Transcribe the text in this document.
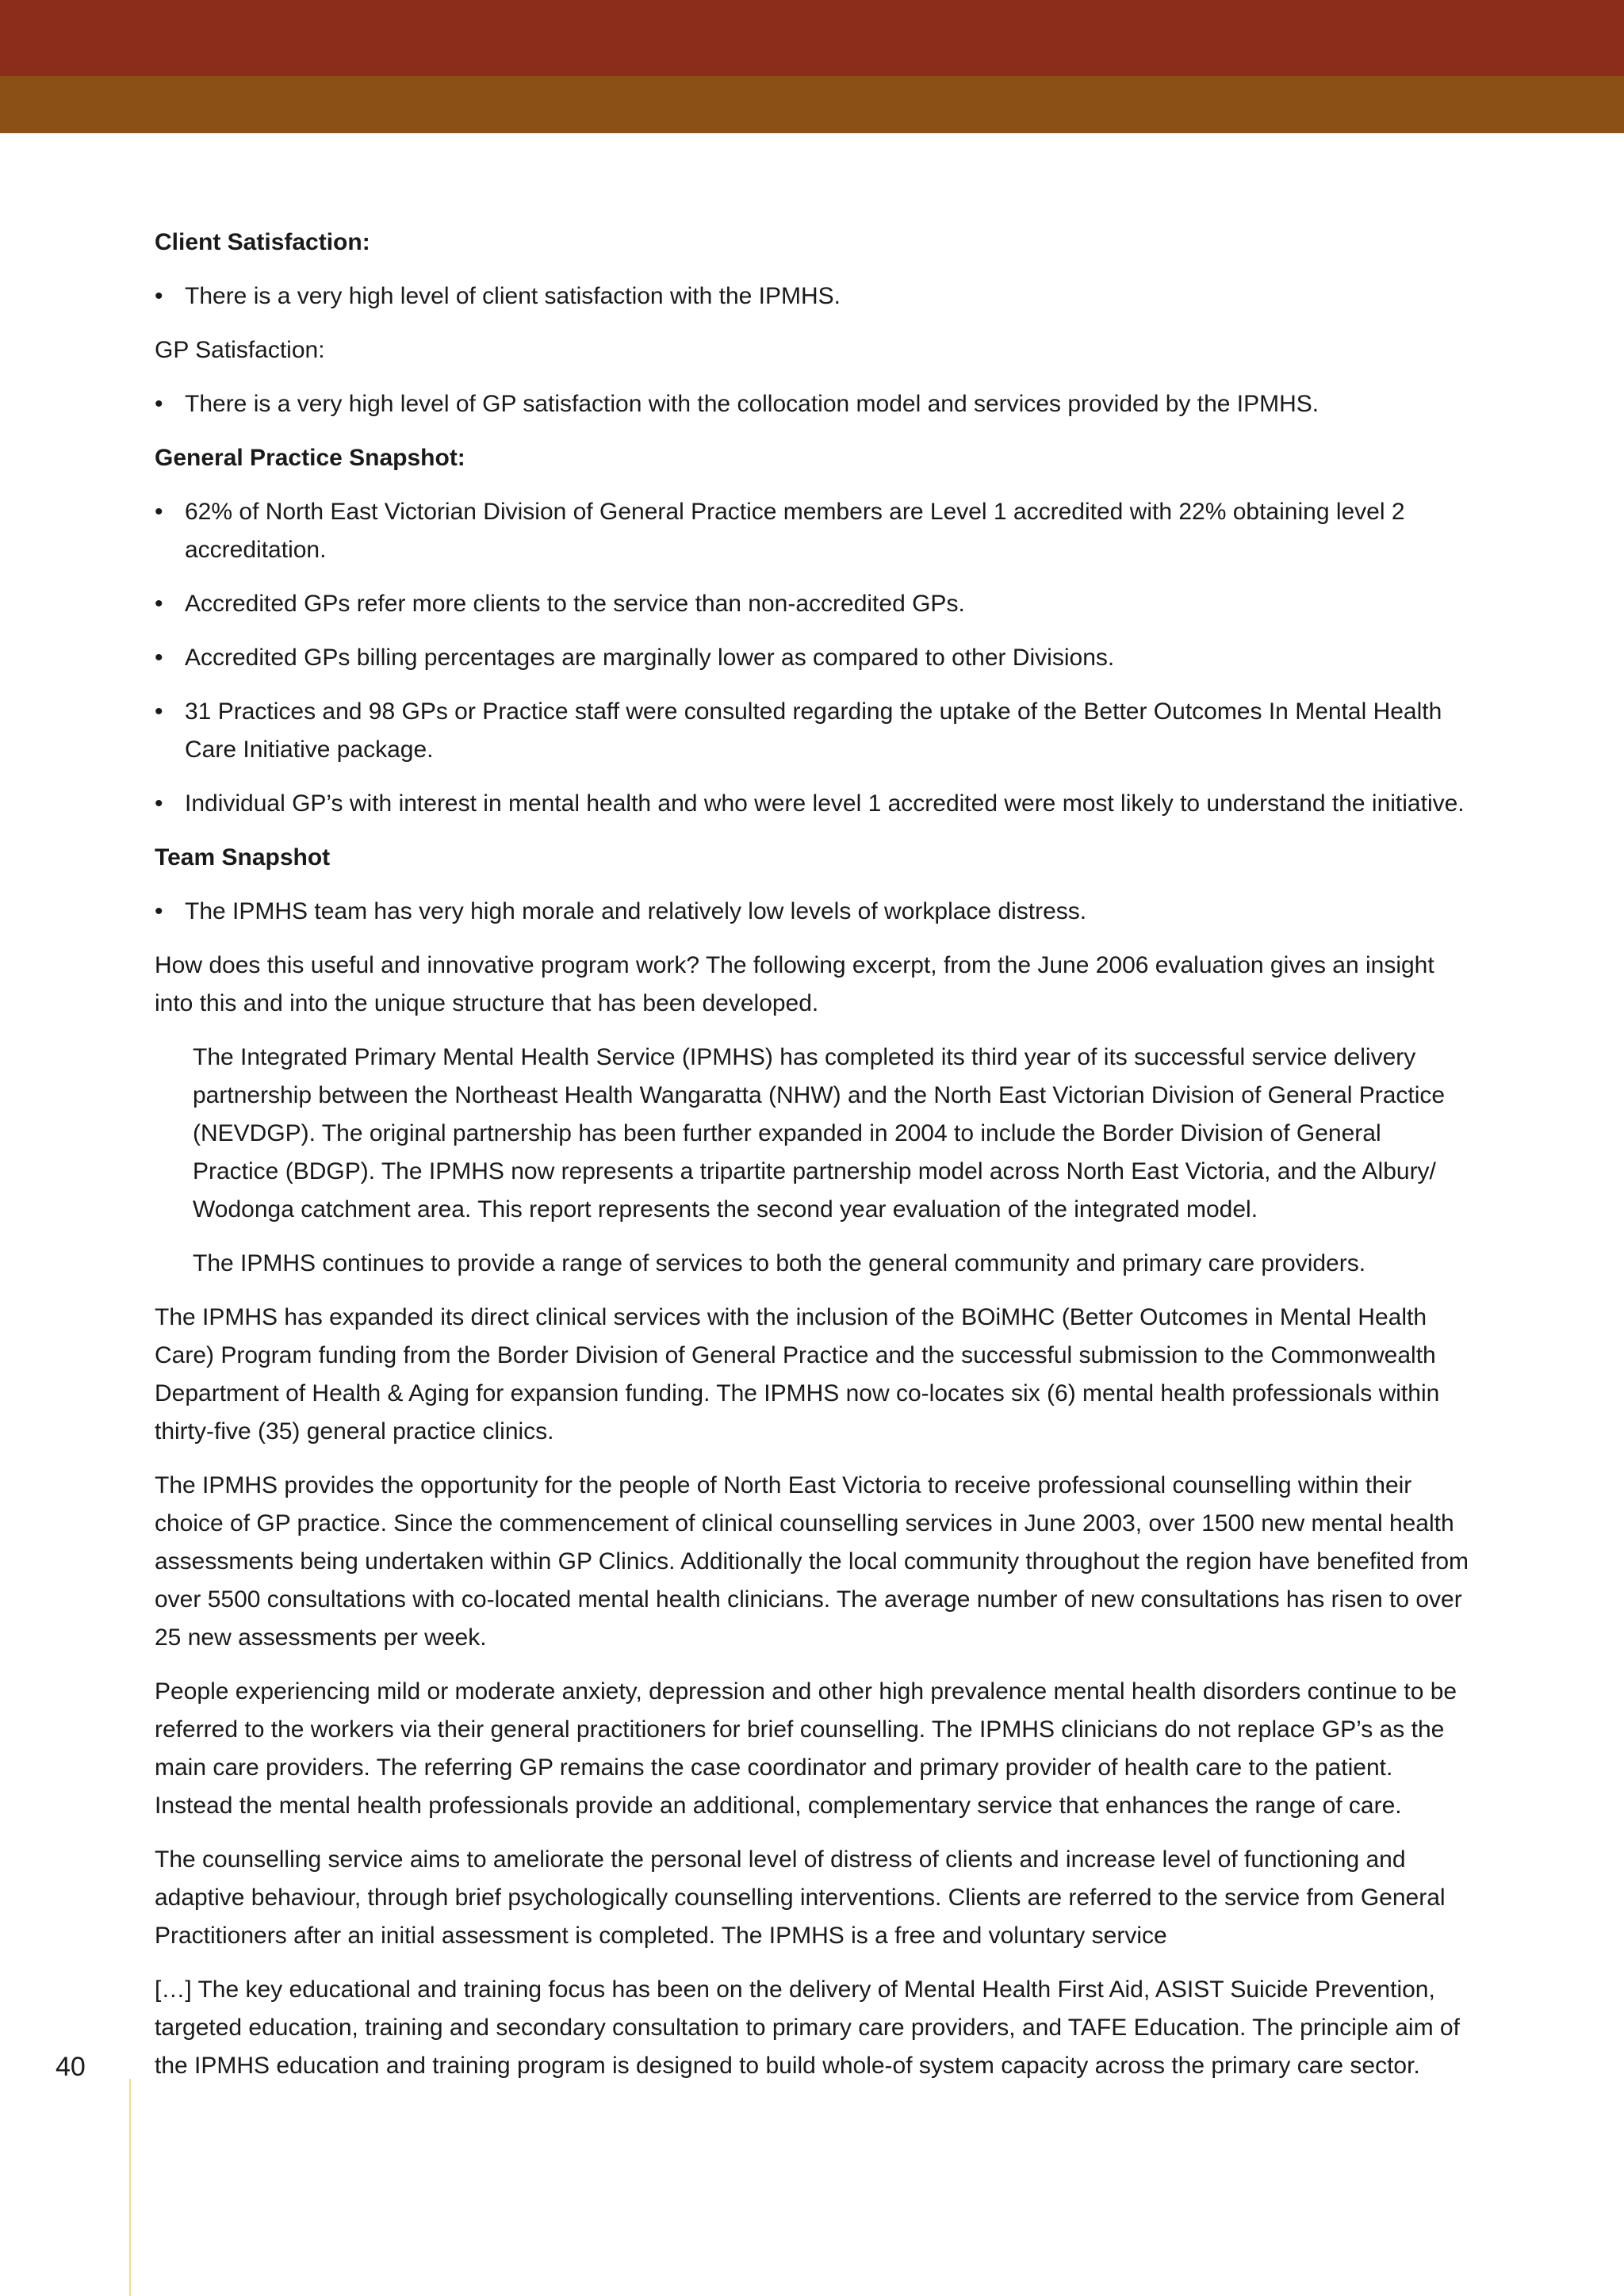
Client Satisfaction:

• There is a very high level of client satisfaction with the IPMHS.

GP Satisfaction:

• There is a very high level of GP satisfaction with the collocation model and services provided by the IPMHS.

General Practice Snapshot:

• 62% of North East Victorian Division of General Practice members are Level 1 accredited with 22% obtaining level 2 accreditation.
• Accredited GPs refer more clients to the service than non-accredited GPs.
• Accredited GPs billing percentages are marginally lower as compared to other Divisions.
• 31 Practices and 98 GPs or Practice staff were consulted regarding the uptake of the Better Outcomes In Mental Health Care Initiative package.
• Individual GP’s with interest in mental health and who were level 1 accredited were most likely to understand the initiative.

Team Snapshot

• The IPMHS team has very high morale and relatively low levels of workplace distress.

How does this useful and innovative program work? The following excerpt, from the June 2006 evaluation gives an insight into this and into the unique structure that has been developed.

The Integrated Primary Mental Health Service (IPMHS) has completed its third year of its successful service delivery partnership between the Northeast Health Wangaratta (NHW) and the North East Victorian Division of General Practice (NEVDGP). The original partnership has been further expanded in 2004 to include the Border Division of General Practice (BDGP). The IPMHS now represents a tripartite partnership model across North East Victoria, and the Albury/ Wodonga catchment area. This report represents the second year evaluation of the integrated model.

The IPMHS continues to provide a range of services to both the general community and primary care providers.

The IPMHS has expanded its direct clinical services with the inclusion of the BOiMHC (Better Outcomes in Mental Health Care) Program funding from the Border Division of General Practice and the successful submission to the Commonwealth Department of Health & Aging for expansion funding. The IPMHS now co-locates six (6) mental health professionals within thirty-five (35) general practice clinics.

The IPMHS provides the opportunity for the people of North East Victoria to receive professional counselling within their choice of GP practice. Since the commencement of clinical counselling services in June 2003, over 1500 new mental health assessments being undertaken within GP Clinics. Additionally the local community throughout the region have benefited from over 5500 consultations with co-located mental health clinicians. The average number of new consultations has risen to over 25 new assessments per week.

People experiencing mild or moderate anxiety, depression and other high prevalence mental health disorders continue to be referred to the workers via their general practitioners for brief counselling. The IPMHS clinicians do not replace GP’s as the main care providers. The referring GP remains the case coordinator and primary provider of health care to the patient. Instead the mental health professionals provide an additional, complementary service that enhances the range of care.

The counselling service aims to ameliorate the personal level of distress of clients and increase level of functioning and adaptive behaviour, through brief psychologically counselling interventions. Clients are referred to the service from General Practitioners after an initial assessment is completed. The IPMHS is a free and voluntary service

[…] The key educational and training focus has been on the delivery of Mental Health First Aid, ASIST Suicide Prevention, targeted education, training and secondary consultation to primary care providers, and TAFE Education. The principle aim of the IPMHS education and training program is designed to build whole-of system capacity across the primary care sector.

40
